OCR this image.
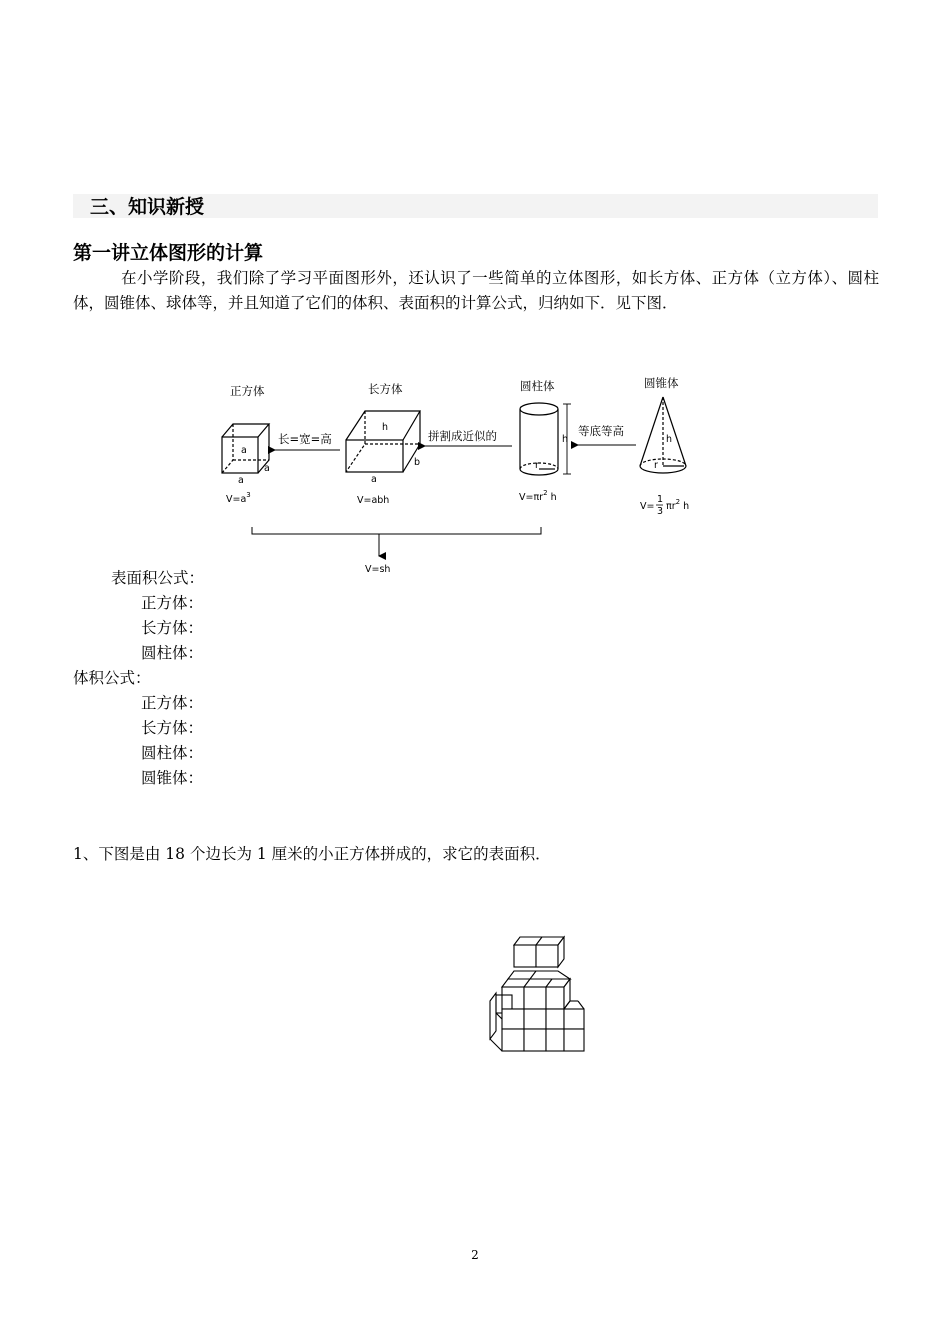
三、知识新授
第一讲立体图形的计算
在小学阶段，我们除了学习平面图形外，还认识了一些简单的立体图形，如长方体、正方体（立方体）、圆柱体，圆锥体、球体等，并且知道了它们的体积、表面积的计算公式，归纳如下．见下图．
正方体	长方体	圆柱体	圆锥体
a
a
a
$V=a^3$
长=宽=高
h
a
b
V=abh
拼割成近似的
r
h
$V=\pi r^2$ h
等底等高
h
r
V=
1
3 $\pi r^2$ h
V=sh
表面积公式：
正方体：
长方体：
圆柱体：
体积公式：
正方体：
长方体：
圆柱体：
圆锥体：
1、下图是由 18 个边长为 1 厘米的小正方体拼成的，求它的表面积．
2
